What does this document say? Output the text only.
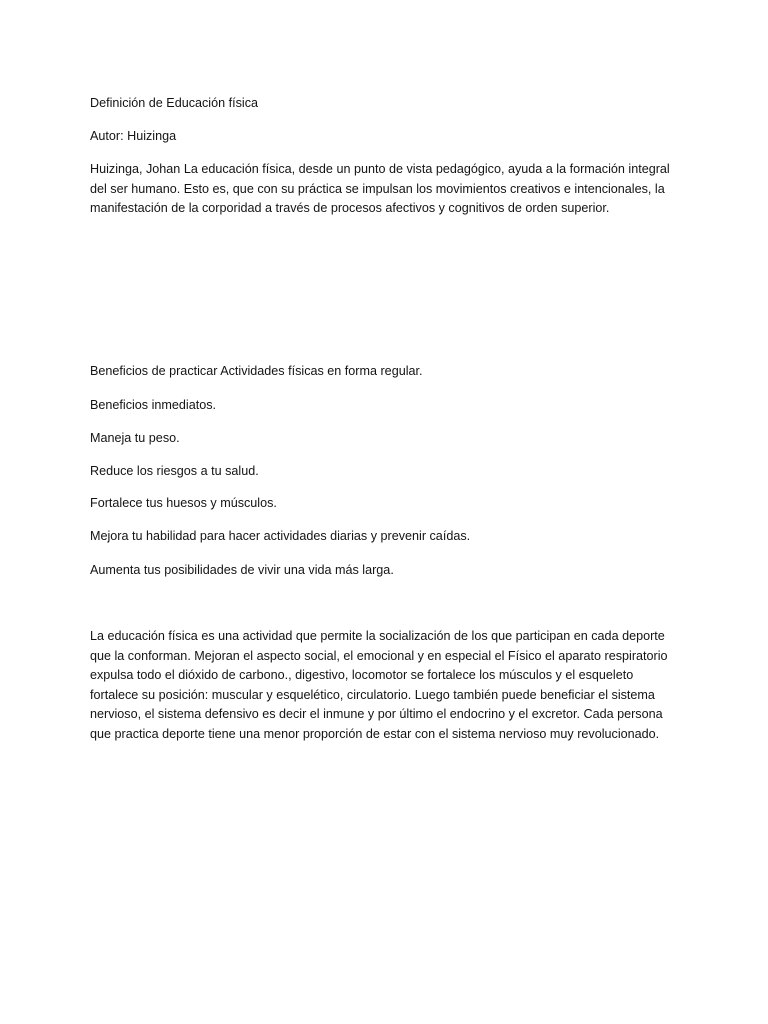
Definición de Educación física

Autor: Huizinga

Huizinga, Johan La educación física, desde un punto de vista pedagógico, ayuda a la formación integral
del ser humano. Esto es, que con su práctica se impulsan los movimientos creativos e intencionales, la
manifestación de la corporidad a través de procesos afectivos y cognitivos de orden superior.

Beneficios de practicar Actividades físicas en forma regular.

Beneficios inmediatos.

Maneja tu peso.

Reduce los riesgos a tu salud.

Fortalece tus huesos y músculos.

Mejora tu habilidad para hacer actividades diarias y prevenir caídas.

Aumenta tus posibilidades de vivir una vida más larga.

La educación física es una actividad que permite la socialización de los que participan en cada deporte
que la conforman. Mejoran el aspecto social, el emocional y en especial el Físico el aparato respiratorio
expulsa todo el dióxido de carbono., digestivo, locomotor se fortalece los músculos y el esqueleto
fortalece su posición: muscular y esquelético, circulatorio. Luego también puede beneficiar el sistema
nervioso, el sistema defensivo es decir el inmune y por último el endocrino y el excretor. Cada persona
que practica deporte tiene una menor proporción de estar con el sistema nervioso muy revolucionado.
